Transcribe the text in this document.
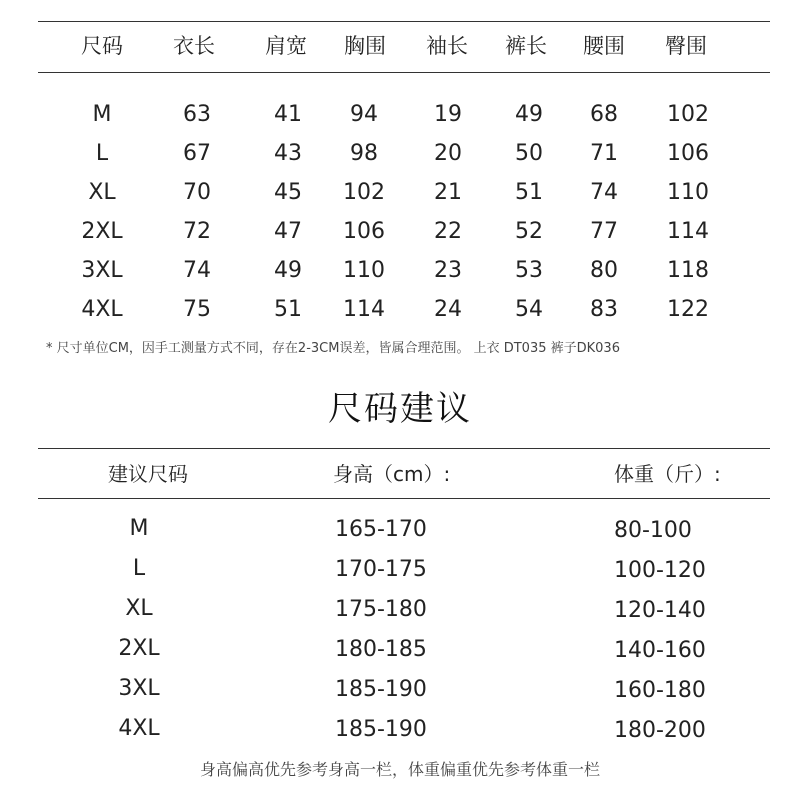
尺码 衣长 肩宽 胸围 袖长 裤长 腰围 臀围
M	63	41 94	19 49 68 102
L	67	43 98	20 50 71 106
XL	70	45 102 21 51 74 110
2XL	72	47 106 22 52 77 114
3XL	74	49 110 23 53 80 118
4XL	75	51 114 24 54 83 122
* 尺寸单位CM，因手工测量方式不同，存在2-3CM误差，皆属合理范围。 上衣 DT035 裤子DK036
尺码建议
建议尺码	身高（cm）:	体重（斤）:
M	165-170	80-100
L	170-175	100-120
XL	175-180	120-140
2XL	180-185	140-160
3XL	185-190	160-180
4XL	185-190	180-200
身高偏高优先参考身高一栏，体重偏重优先参考体重一栏
